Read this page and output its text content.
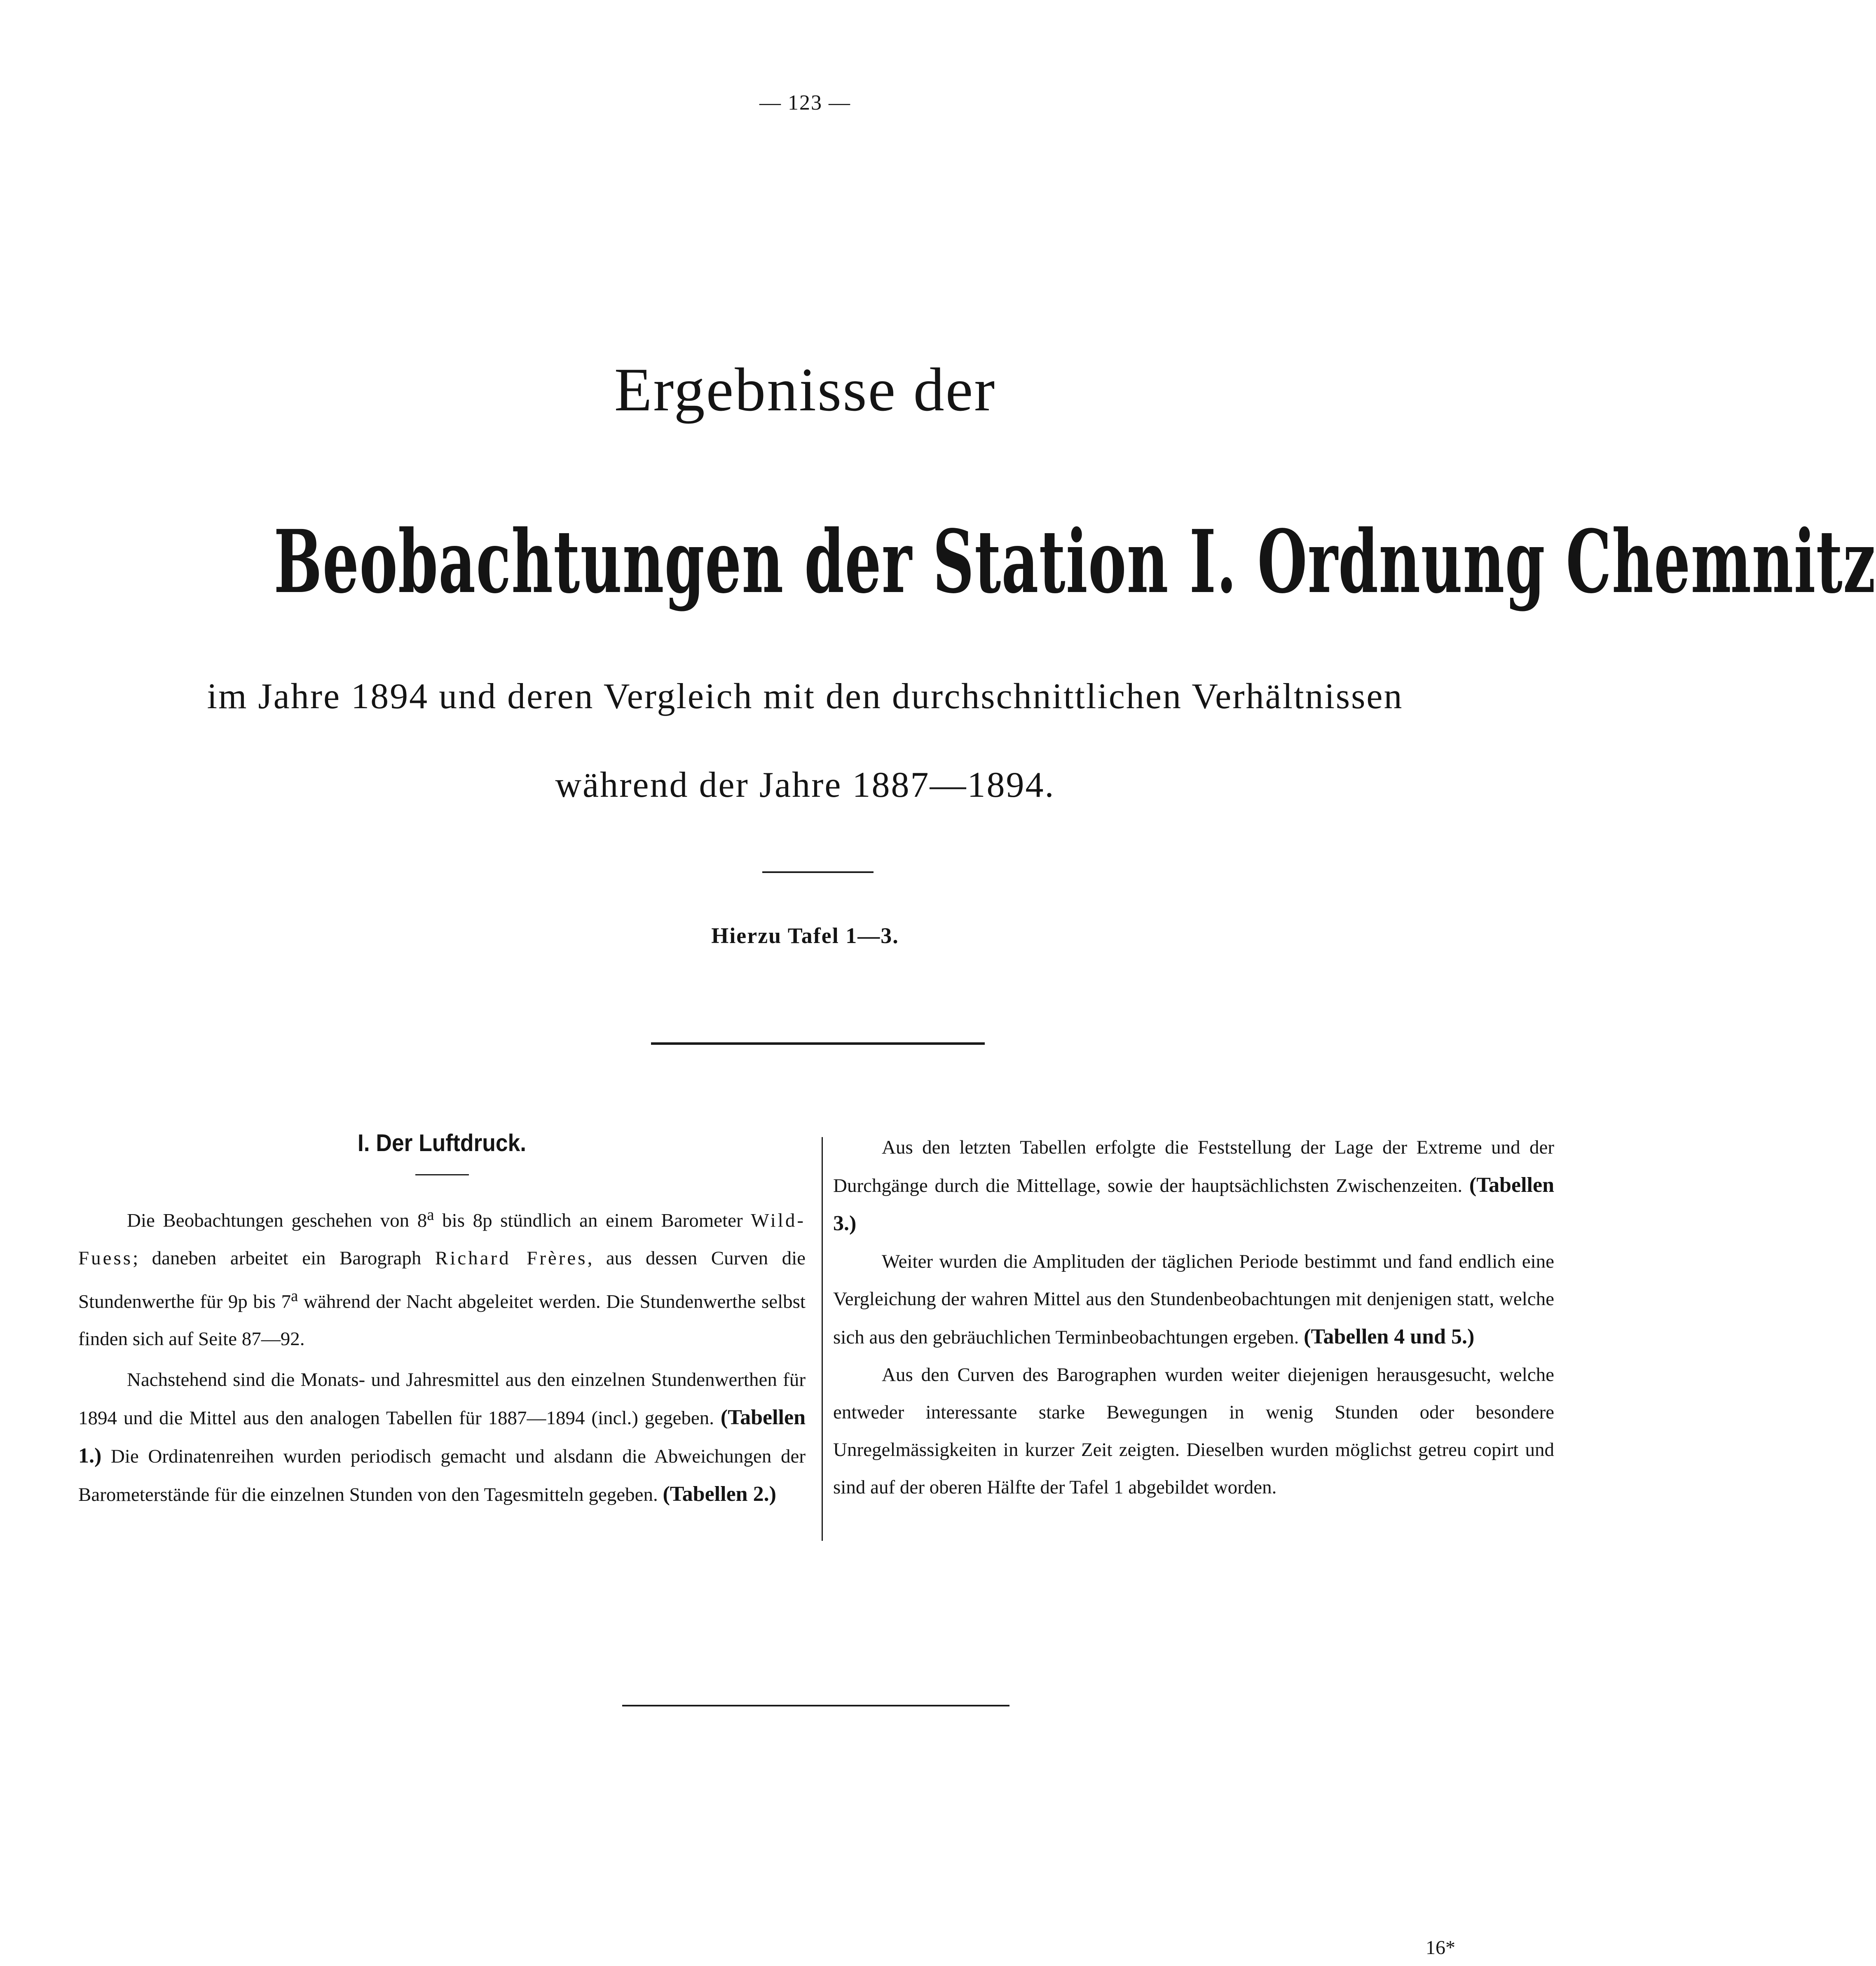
— 123 —
Ergebnisse der
Beobachtungen der Station I. Ordnung Chemnitz
im Jahre 1894 und deren Vergleich mit den durchschnittlichen Verhältnissen
während der Jahre 1887—1894.
Hierzu Tafel 1—3.
I. Der Luftdruck.

Die Beobachtungen geschehen von 8$^a$ bis 8p stündlich an einem Barometer Wild-Fuess; daneben arbeitet ein Barograph Richard Frères, aus dessen Curven die Stundenwerthe für 9p bis 7$^a$ während der Nacht abgeleitet werden. Die Stundenwerthe selbst finden sich auf Seite 87—92.

Nachstehend sind die Monats- und Jahresmittel aus den einzelnen Stundenwerthen für 1894 und die Mittel aus den analogen Tabellen für 1887—1894 (incl.) gegeben. (Tabellen 1.) Die Ordinatenreihen wurden periodisch gemacht und alsdann die Abweichungen der Barometerstände für die einzelnen Stunden von den Tagesmitteln gegeben. (Tabellen 2.)

Aus den letzten Tabellen erfolgte die Feststellung der Lage der Extreme und der Durchgänge durch die Mittellage, sowie der hauptsächlichsten Zwischenzeiten. (Tabellen 3.)

Weiter wurden die Amplituden der täglichen Periode bestimmt und fand endlich eine Vergleichung der wahren Mittel aus den Stundenbeobachtungen mit denjenigen statt, welche sich aus den gebräuchlichen Terminbeobachtungen ergeben. (Tabellen 4 und 5.)

Aus den Curven des Barographen wurden weiter diejenigen herausgesucht, welche entweder interessante starke Bewegungen in wenig Stunden oder besondere Unregelmässigkeiten in kurzer Zeit zeigten. Dieselben wurden möglichst getreu copirt und sind auf der oberen Hälfte der Tafel 1 abgebildet worden.

16*
